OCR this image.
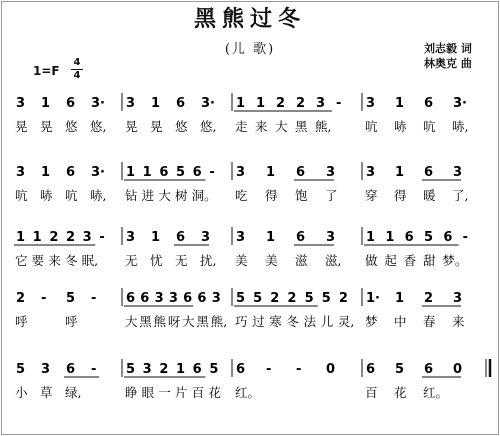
黑熊过冬
(儿 歌)	刘志毅 词
林奥克 曲
1=F
4
4
3
晃
1
晃
6
悠
3·
悠,
3
晃
1
晃
6
悠
3·
悠,
1
走
1
来
2
大
2
黑
3
熊,
- 3
吭
1
哧
6
吭
3·
哧,
3
吭
1
哧
6
吭
3·
哧,
1
钻
1
进
6
大
5
树
6
洞。
- 3
吃
1
得
6
饱
3
了
3
穿
1
得
6
暖
3
了,
1
它
1
要
2
来
2
冬
3
眠,
- 3
无
1
忧
6
无
3
扰,
3
美
1
美
6
滋
3
滋,
1
做
1
起
6
香
5
甜
6
梦。
-
2
呼
- 5
呼
- 6
大
6
黑
3
熊
3
呀
6
大
6
黑
3
熊,
5
巧
5
过
2
寒
2
冬
5
法
5
儿
2
灵,
1·
梦
1
中
2
春
3
来
5
小
3
草
6
绿,
- 5
睁
3
眼
2
一
1
片
6
百
5
花
6
红。
- - 0 6
百
5
花
6
红。
0
